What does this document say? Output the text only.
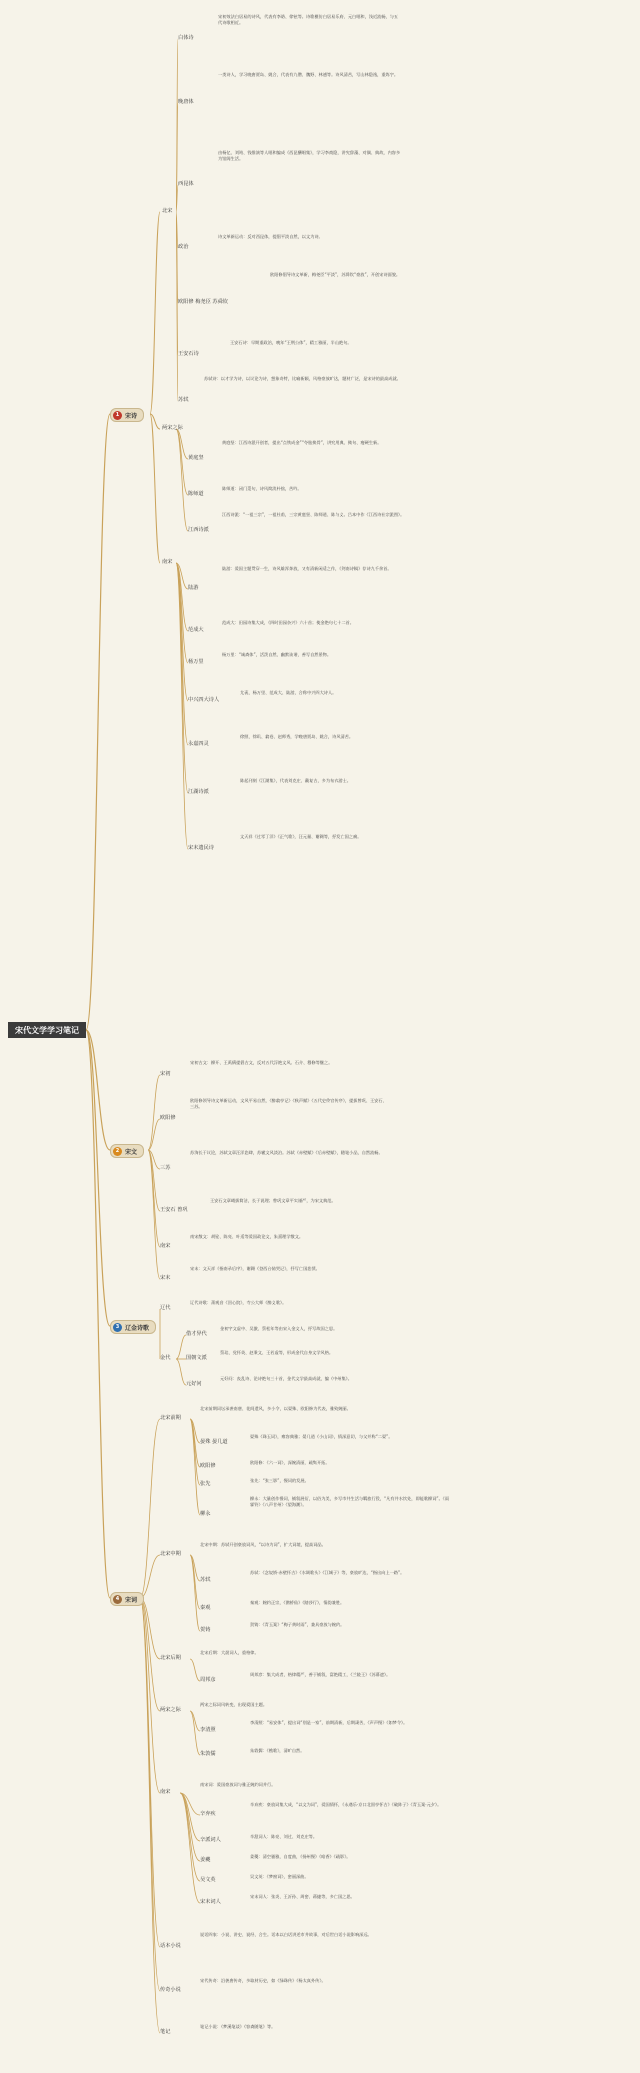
宋代文学学习笔记
1 宋诗
2 宋文
3 辽金诗歌
4 宋词
北宋
两宋之际
南宋
白体诗
宋初效法白居易的诗风，代表有李昉、徐铉等。诗歌模仿白居易乐府、元白唱和，浅近流畅，与五代诗歌相近。
晚唐体
一类诗人，学习晚唐贾岛、姚合，代表有九僧、魏野、林逋等。诗风清苦，写山林隐逸，重炼字。
西昆体
由杨亿、刘筠、钱惟演等人唱和编成《西昆酬唱集》，学习李商隐，讲究辞藻、对偶、典故，内容多为馆阁生活。
政治
诗文革新运动：反对西昆体，提倡平淡自然，以文为诗。
欧阳修 梅尧臣 苏舜钦
欧阳修倡导诗文革新，梅尧臣“平淡”，苏舜钦“豪放”，开创宋诗面貌。
王安石诗
王安石诗：早期重政治，晚年“王荆公体”，精工雅丽，半山绝句。
苏轼
苏轼诗：以才学为诗，以议论为诗，想象奇特，比喻新颖，风格豪放旷达，题材广泛，是宋诗的最高成就。
黄庭坚
黄庭坚：江西诗派开创者，提出“点铁成金”“夺胎换骨”，讲究用典、拗句、瘦硬生新。
陈师道
陈师道：闭门觅句，诗风简淡朴拙，苦吟。
江西诗派
江西诗派：“一祖三宗”，一祖杜甫，三宗黄庭坚、陈师道、陈与义。吕本中作《江西诗社宗派图》。
陆游
陆游：爱国主题贯穿一生，诗风雄浑奔放，又有清新闲适之作，《剑南诗稿》存诗九千余首。
范成大
范成大：田园诗集大成，《四时田园杂兴》六十首；使金绝句七十二首。
杨万里
杨万里：“诚斋体”，活泼自然、幽默诙谐，善写自然景物。
中兴四大诗人
尤袤、杨万里、范成大、陆游，合称中兴四大诗人。
永嘉四灵
徐照、徐玑、翁卷、赵师秀，学晚唐贾岛、姚合，诗风清苦。
江湖诗派
陈起刊刻《江湖集》，代表刘克庄、戴复古，多为布衣游士。
宋末遗民诗
文天祥《过零丁洋》《正气歌》，汪元量、谢翱等，抒发亡国之痛。
宋初
宋初古文：柳开、王禹偁提倡古文，反对五代浮艳文风。石介、穆修等继之。
欧阳修
欧阳修领导诗文革新运动，文风平易自然，《醉翁亭记》《秋声赋》《五代史伶官传序》，提拔曾巩、王安石、三苏。
三苏
苏洵长于议论，苏轼文章汪洋恣肆，苏辙文风淡泊。苏轼《赤壁赋》《后赤壁赋》，随笔小品，自然流畅。
王安石 曾巩
王安石文章峭拔简洁，长于说理；曾巩文章平实谨严，为宋文典范。
南宋
南宋散文：胡铨、陈亮、叶适等爱国政论文，朱熹理学散文。
宋末
宋末：文天祥《指南录后序》，谢翱《登西台恸哭记》，抒写亡国悲愤。
辽代
辽代诗歌：萧观音《回心院》，寺公大师《醉义歌》。
金代
借才异代
金初宇文虚中、吴激、蔡松年等由宋入金文人，抒写故国之思。
国朝文派
蔡珪、党怀英、赵秉文、王若虚等，形成金代自身文学风格。
元好问
元好问：丧乱诗、论诗绝句三十首，金代文学最高成就，编《中州集》。
北宋前期
北宋前期词坛承袭南唐、花间遗风，多小令，以晏殊、欧阳修为代表，雅致婉丽。
晏殊 晏几道
晏殊《珠玉词》，雍容典雅；晏几道《小山词》，情深意切，与父并称“二晏”。
欧阳修
欧阳修：《六一词》，深婉清丽，疏隽开拓。
张先
张先：“张三影”，慢词的发展。
柳永
柳永：大量创作慢词，铺叙展衍，以俗为美，多写市井生活与羁旅行役，“凡有井水饮处，即能歌柳词”。《雨霖铃》《八声甘州》《望海潮》。
北宋中期
北宋中期：苏轼开创豪放词风，“以诗为词”，扩大词境，提高词品。
苏轼
苏轼：《念奴娇·赤壁怀古》《水调歌头》《江城子》等，豪放旷达，“指出向上一路”。
秦观
秦观：婉约正宗，《鹊桥仙》《踏莎行》，情韵兼胜。
贺铸
贺铸：《青玉案》“梅子黄时雨”，兼具豪放与婉约。
北宋后期
北宋后期：大晟词人，重格律。
周邦彦
周邦彦：集大成者，格律精严，善于铺叙，富艳精工，《兰陵王》《苏幕遮》。
两宋之际
两宋之际词风转变，出现爱国主题。
李清照
李清照：“易安体”，提出词“别是一家”，前期清新，后期凄苦，《声声慢》《如梦令》。
朱敦儒
朱敦儒：《樵歌》，清旷自然。
南宋
南宋词：爱国豪放词与雅正婉约词并行。
辛弃疾
辛弃疾：豪放词集大成，“以文为词”，爱国情怀，《永遇乐·京口北固亭怀古》《破阵子》《青玉案·元夕》。
辛派词人
辛派词人：陈亮、刘过、刘克庄等。
姜夔
姜夔：清空骚雅，自度曲，《扬州慢》《暗香》《疏影》。
吴文英
吴文英：《梦窗词》，密丽深曲。
宋末词人
宋末词人：张炎、王沂孙、周密、蒋捷等，多亡国之思。
话本小说
说话四家：小说、讲史、说经、合生。话本以白话讲述市井故事，对后世白话小说影响深远。
传奇小说
宋代传奇：沿袭唐传奇，多取材历史，如《绿珠传》《杨太真外传》。
笔记
笔记小说：《梦溪笔谈》《容斋随笔》等。
